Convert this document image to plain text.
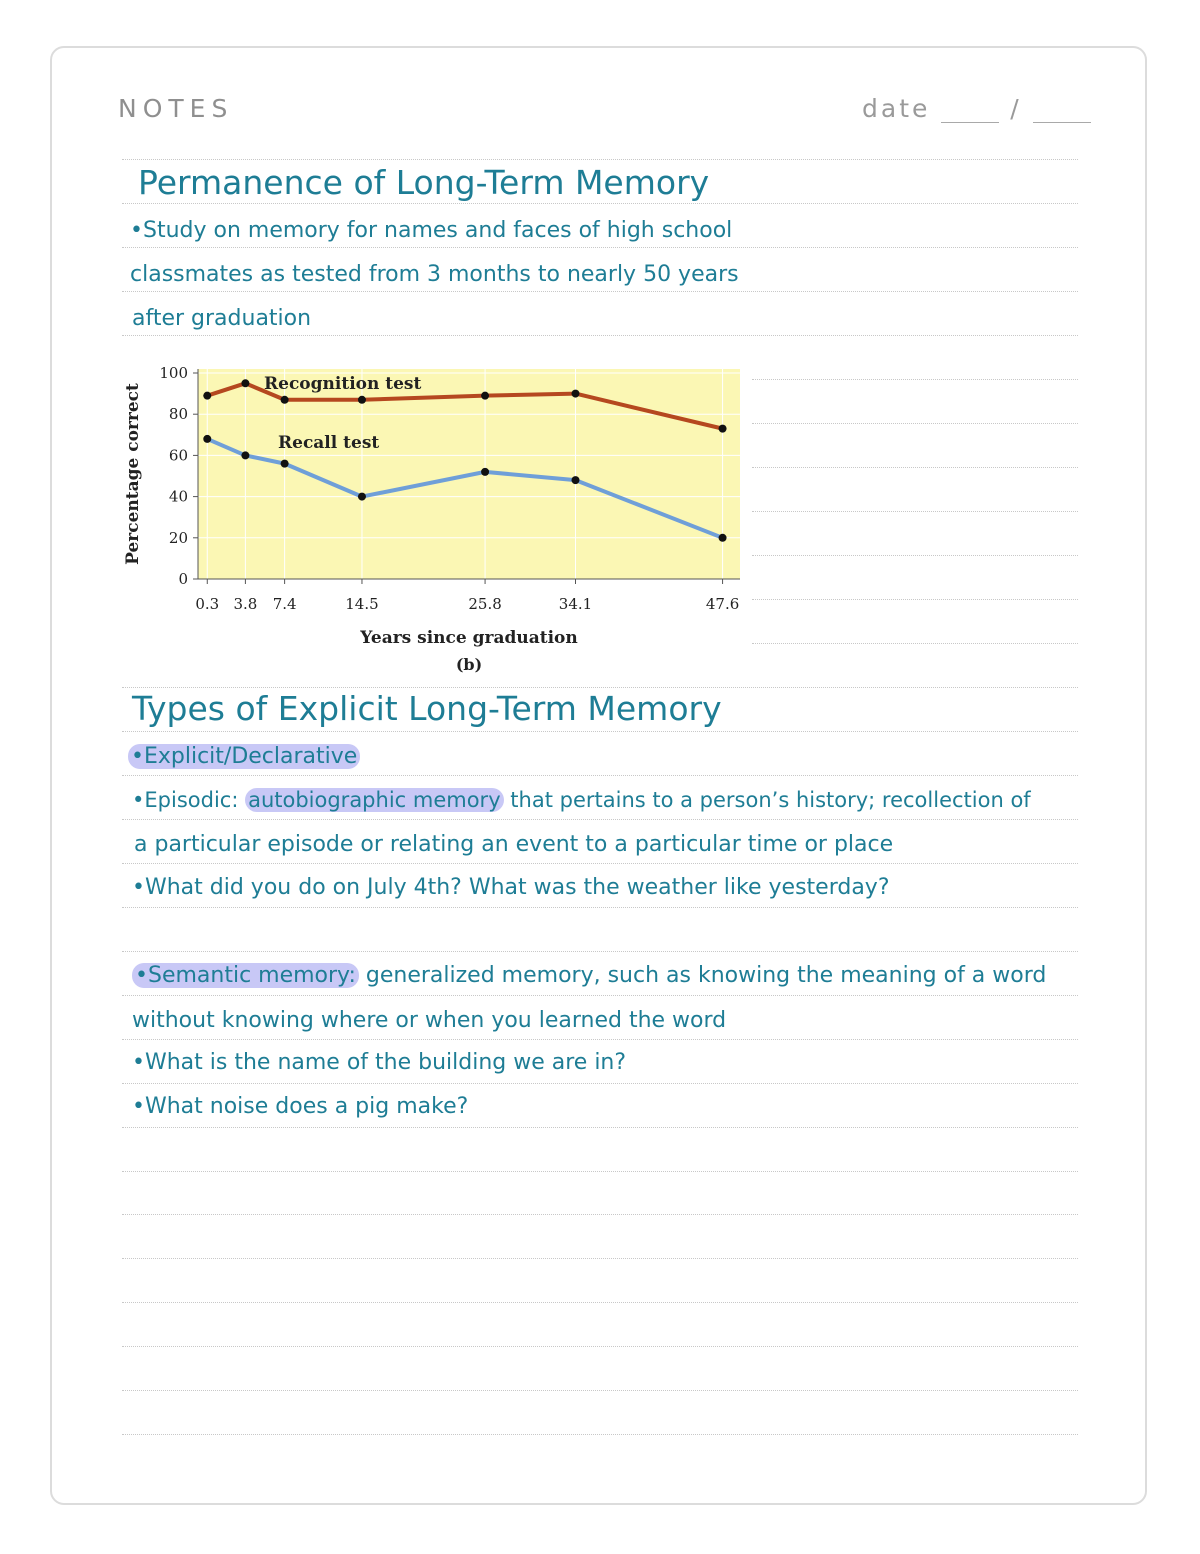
NOTES	date	/
Permanence of Long-Term Memory
•Study on memory for names and faces of high school
classmates as tested from 3 months to nearly 50 years
after graduation
0
20
40
60
80
100
0.3 3.8 7.4	14.5	25.8	34.1	47.6
Years since graduation
(b)
Percentage correct	Recognition test
Recall test
Types of Explicit Long-Term Memory
•Explicit/Declarative
•Episodic: autobiographic memory that pertains to a person’s history; recollection of
a particular episode or relating an event to a particular time or place
•What did you do on July 4th? What was the weather like yesterday?
•Semantic memory: generalized memory, such as knowing the meaning of a word
without knowing where or when you learned the word
•What is the name of the building we are in?
•What noise does a pig make?
